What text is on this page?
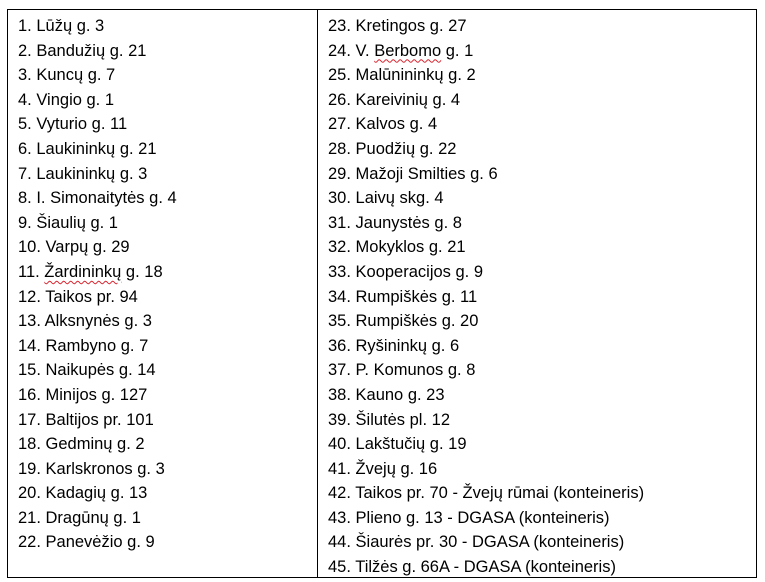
1. Lūžų g. 3
2. Bandužių g. 21
3. Kuncų g. 7
4. Vingio g. 1
5. Vyturio g. 11
6. Laukininkų g. 21
7. Laukininkų g. 3
8. I. Simonaitytės g. 4
9. Šiaulių g. 1
10. Varpų g. 29
11. Žardininkų g. 18
12. Taikos pr. 94
13. Alksnynės g. 3
14. Rambyno g. 7
15. Naikupės g. 14
16. Minijos g. 127
17. Baltijos pr. 101
18. Gedminų g. 2
19. Karlskronos g. 3
20. Kadagių g. 13
21. Dragūnų g. 1
22. Panevėžio g. 9
23. Kretingos g. 27
24. V. Berbomo g. 1
25. Malūnininkų g. 2
26. Kareivinių g. 4
27. Kalvos g. 4
28. Puodžių g. 22
29. Mažoji Smilties g. 6
30. Laivų skg. 4
31. Jaunystės g. 8
32. Mokyklos g. 21
33. Kooperacijos g. 9
34. Rumpiškės g. 11
35. Rumpiškės g. 20
36. Ryšininkų g. 6
37. P. Komunos g. 8
38. Kauno g. 23
39. Šilutės pl. 12
40. Lakštučių g. 19
41. Žvejų g. 16
42. Taikos pr. 70 - Žvejų rūmai (konteineris)
43. Plieno g. 13 - DGASA (konteineris)
44. Šiaurės pr. 30 - DGASA (konteineris)
45. Tilžės g. 66A - DGASA (konteineris)
